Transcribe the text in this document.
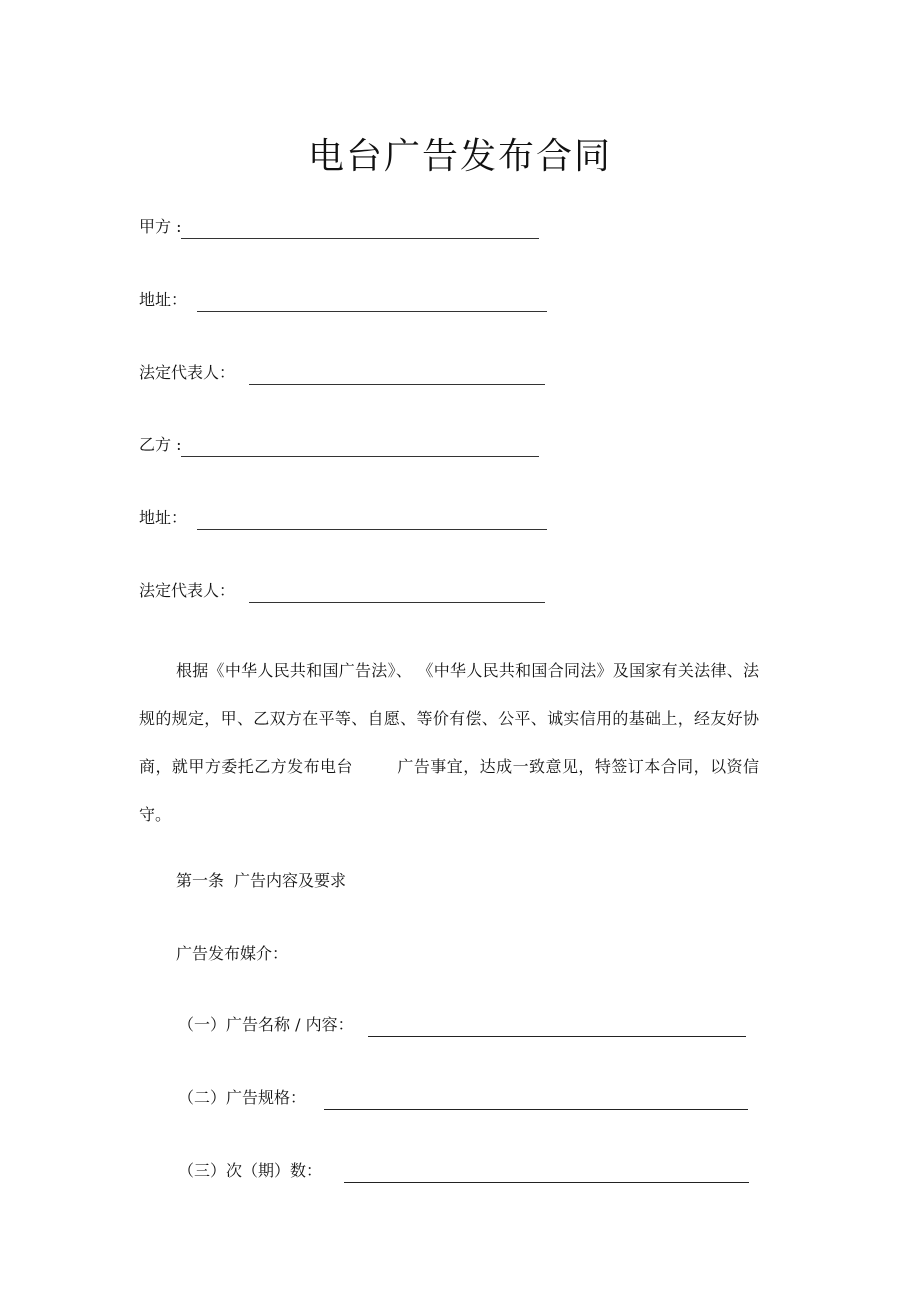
电台广告发布合同
甲方 :
地址：
法定代表人：
乙方 :
地址：
法定代表人：

根据《中华人民共和国广告法》、 《中华人民共和国合同法》及国家有关法律、法规的规定，甲、乙双方在平等、自愿、等价有偿、公平、诚实信用的基础上，经友好协商，就甲方委托乙方发布电台	广告事宜，达成一致意见，特签订本合同，以资信守。

第一条 广告内容及要求
广告发布媒介：
（一）广告名称 / 内容：
（二）广告规格：
（三）次（期）数：
